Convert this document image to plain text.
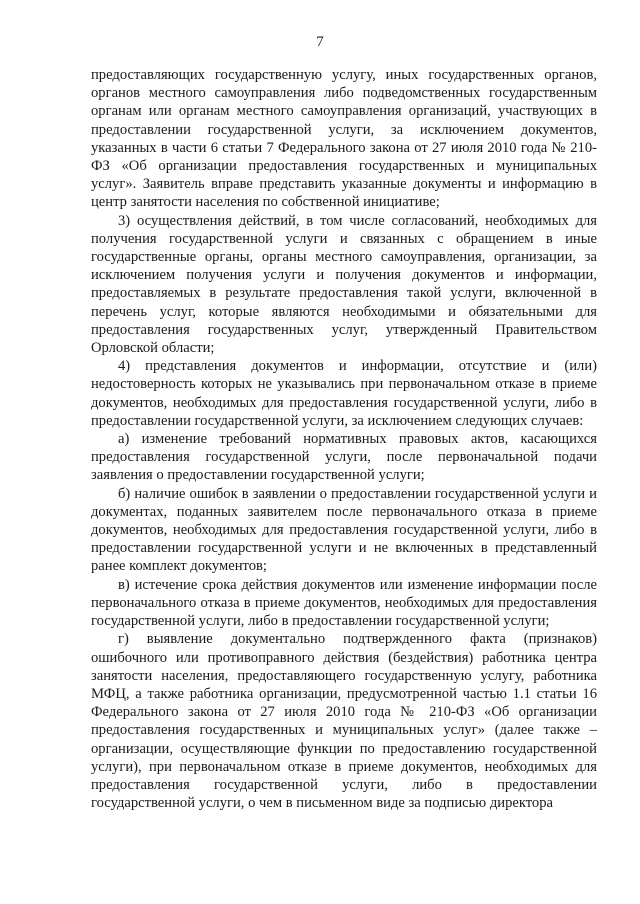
7

предоставляющих государственную услугу, иных государственных органов, органов местного самоуправления либо подведомственных государственным органам или органам местного самоуправления организаций, участвующих в предоставлении государственной услуги, за исключением документов, указанных в части 6 статьи 7 Федерального закона от 27 июля 2010 года № 210-ФЗ «Об организации предоставления государственных и муниципальных услуг». Заявитель вправе представить указанные документы и информацию в центр занятости населения по собственной инициативе;

3) осуществления действий, в том числе согласований, необходимых для получения государственной услуги и связанных с обращением в иные государственные органы, органы местного самоуправления, организации, за исключением получения услуги и получения документов и информации, предоставляемых в результате предоставления такой услуги, включенной в перечень услуг, которые являются необходимыми и обязательными для предоставления государственных услуг, утвержденный Правительством Орловской области;

4) представления документов и информации, отсутствие и (или) недостоверность которых не указывались при первоначальном отказе в приеме документов, необходимых для предоставления государственной услуги, либо в предоставлении государственной услуги, за исключением следующих случаев:

а) изменение требований нормативных правовых актов, касающихся предоставления государственной услуги, после первоначальной подачи заявления о предоставлении государственной услуги;

б) наличие ошибок в заявлении о предоставлении государственной услуги и документах, поданных заявителем после первоначального отказа в приеме документов, необходимых для предоставления государственной услуги, либо в предоставлении государственной услуги и не включенных в представленный ранее комплект документов;

в) истечение срока действия документов или изменение информации после первоначального отказа в приеме документов, необходимых для предоставления государственной услуги, либо в предоставлении государственной услуги;

г) выявление документально подтвержденного факта (признаков) ошибочного или противоправного действия (бездействия) работника центра занятости населения, предоставляющего государственную услугу, работника МФЦ, а также работника организации, предусмотренной частью 1.1 статьи 16 Федерального закона от 27 июля 2010 года № 210-ФЗ «Об организации предоставления государственных и муниципальных услуг» (далее также – организации, осуществляющие функции по предоставлению государственной услуги), при первоначальном отказе в приеме документов, необходимых для предоставления государственной услуги, либо в предоставлении государственной услуги, о чем в письменном виде за подписью директора
